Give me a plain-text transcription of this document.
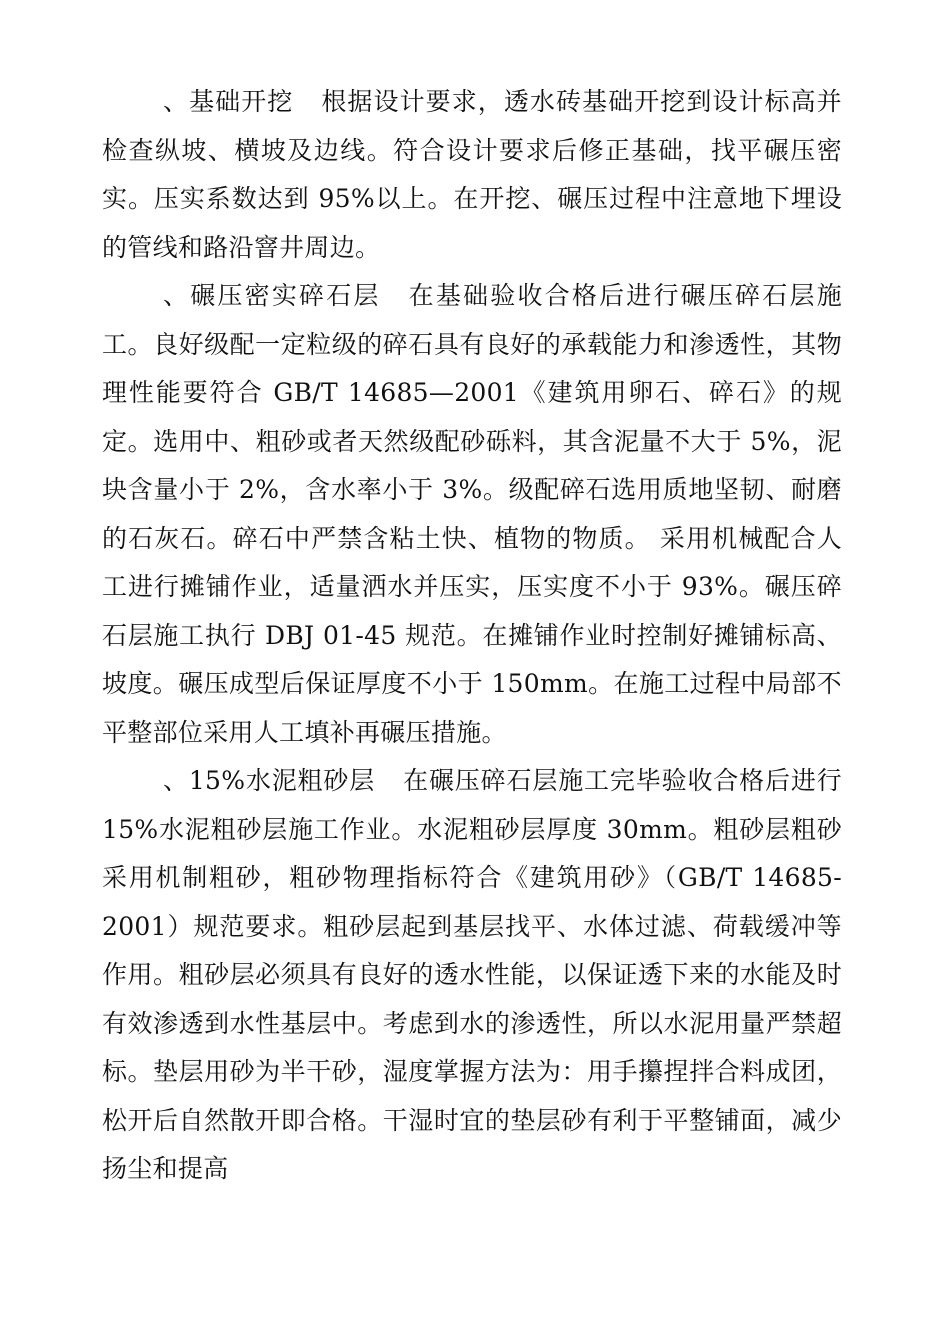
、基础开挖 根据设计要求，透水砖基础开挖到设计标高并检查纵坡、横坡及边线。符合设计要求后修正基础，找平碾压密实。压实系数达到 95%以上。在开挖、碾压过程中注意地下埋设的管线和路沿窨井周边。

、碾压密实碎石层 在基础验收合格后进行碾压碎石层施工。良好级配一定粒级的碎石具有良好的承载能力和渗透性，其物理性能要符合 GB/T 14685—2001《建筑用卵石、碎石》的规定。选用中、粗砂或者天然级配砂砾料，其含泥量不大于 5%，泥块含量小于 2%，含水率小于 3%。级配碎石选用质地坚韧、耐磨的石灰石。碎石中严禁含粘土快、植物的物质。 采用机械配合人工进行摊铺作业，适量洒水并压实，压实度不小于 93%。碾压碎石层施工执行 DBJ 01-45 规范。在摊铺作业时控制好摊铺标高、坡度。碾压成型后保证厚度不小于 150mm。在施工过程中局部不平整部位采用人工填补再碾压措施。

、15%水泥粗砂层 在碾压碎石层施工完毕验收合格后进行 15%水泥粗砂层施工作业。水泥粗砂层厚度 30mm。粗砂层粗砂采用机制粗砂，粗砂物理指标符合《建筑用砂》（GB/T 14685-2001）规范要求。粗砂层起到基层找平、水体过滤、荷载缓冲等作用。粗砂层必须具有良好的透水性能，以保证透下来的水能及时有效渗透到水性基层中。考虑到水的渗透性，所以水泥用量严禁超标。垫层用砂为半干砂，湿度掌握方法为：用手攥捏拌合料成团，松开后自然散开即合格。干湿时宜的垫层砂有利于平整铺面，减少扬尘和提高
